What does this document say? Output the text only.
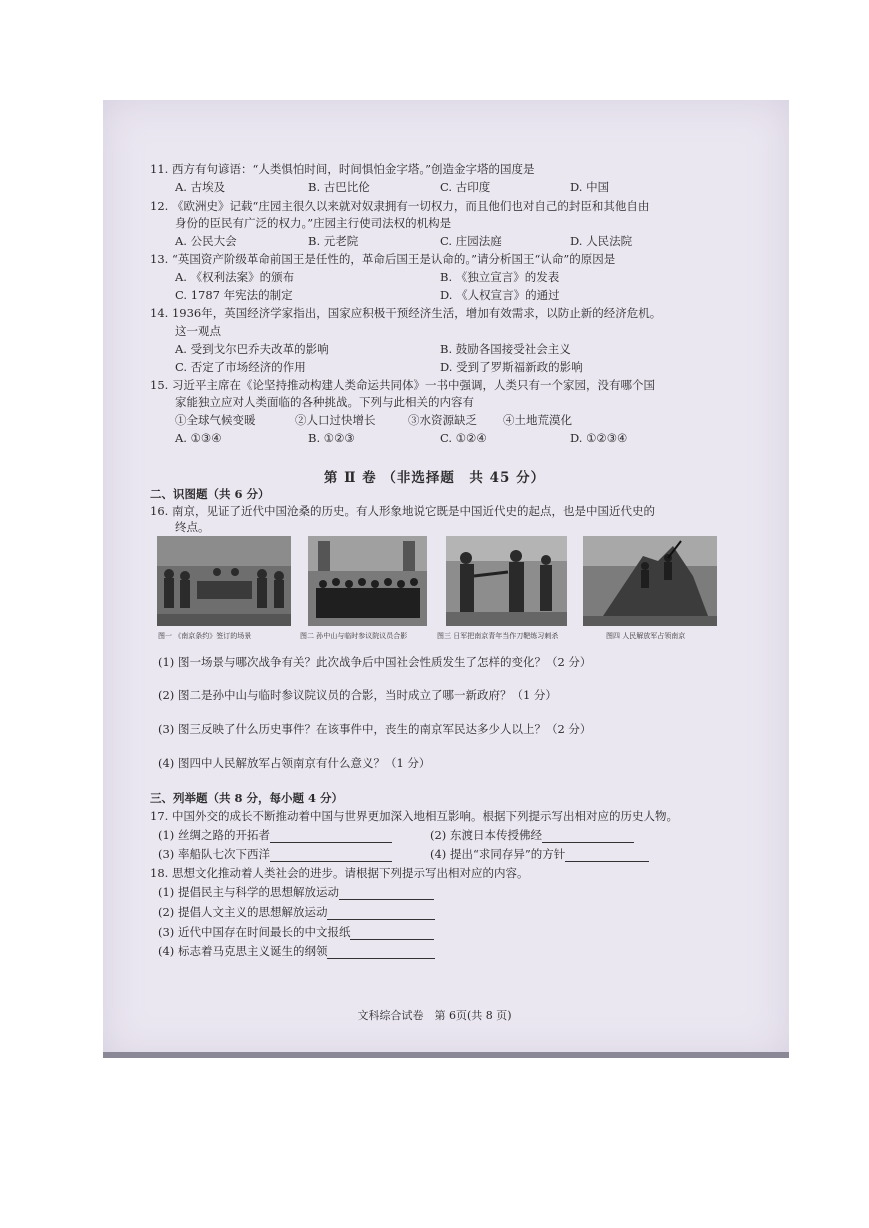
11. 西方有句谚语：“人类惧怕时间，时间惧怕金字塔。”创造金字塔的国度是
A. 古埃及	B. 古巴比伦	C. 古印度	D. 中国
12. 《欧洲史》记载“庄园主很久以来就对奴隶拥有一切权力，而且他们也对自己的封臣和其他自由
身份的臣民有广泛的权力。”庄园主行使司法权的机构是
A. 公民大会	B. 元老院	C. 庄园法庭	D. 人民法院
13. “英国资产阶级革命前国王是任性的，革命后国王是认命的。”请分析国王“认命”的原因是
A. 《权利法案》的颁布	B. 《独立宣言》的发表
C. 1787 年宪法的制定	D. 《人权宣言》的通过
14. 1936年，英国经济学家指出，国家应积极干预经济生活，增加有效需求，以防止新的经济危机。
这一观点
A. 受到戈尔巴乔夫改革的影响	B. 鼓励各国接受社会主义
C. 否定了市场经济的作用	D. 受到了罗斯福新政的影响
15. 习近平主席在《论坚持推动构建人类命运共同体》一书中强调，人类只有一个家园，没有哪个国
家能独立应对人类面临的各种挑战。下列与此相关的内容有
①全球气候变暖	②人口过快增长	③水资源缺乏 ④土地荒漠化
A. ①③④	B. ①②③	C. ①②④	D. ①②③④
第 Ⅱ 卷 （非选择题　共 45 分）
二、识图题（共 6 分）
16. 南京，见证了近代中国沧桑的历史。有人形象地说它既是中国近代史的起点，也是中国近代史的
终点。
图一 《南京条约》签订的场景	图二 孙中山与临时参议院议员合影	图三 日军把南京青年当作刀靶练习刺杀	图四 人民解放军占领南京
(1) 图一场景与哪次战争有关？此次战争后中国社会性质发生了怎样的变化？（2 分）
(2) 图二是孙中山与临时参议院议员的合影，当时成立了哪一新政府？（1 分）
(3) 图三反映了什么历史事件？在该事件中，丧生的南京军民达多少人以上？（2 分）
(4) 图四中人民解放军占领南京有什么意义？（1 分）
三、列举题（共 8 分，每小题 4 分）
17. 中国外交的成长不断推动着中国与世界更加深入地相互影响。根据下列提示写出相对应的历史人物。
(1) 丝绸之路的开拓者	(2) 东渡日本传授佛经
(3) 率船队七次下西洋	(4) 提出“求同存异”的方针
18. 思想文化推动着人类社会的进步。请根据下列提示写出相对应的内容。
(1) 提倡民主与科学的思想解放运动
(2) 提倡人文主义的思想解放运动
(3) 近代中国存在时间最长的中文报纸
(4) 标志着马克思主义诞生的纲领
文科综合试卷　第 6页(共 8 页)
